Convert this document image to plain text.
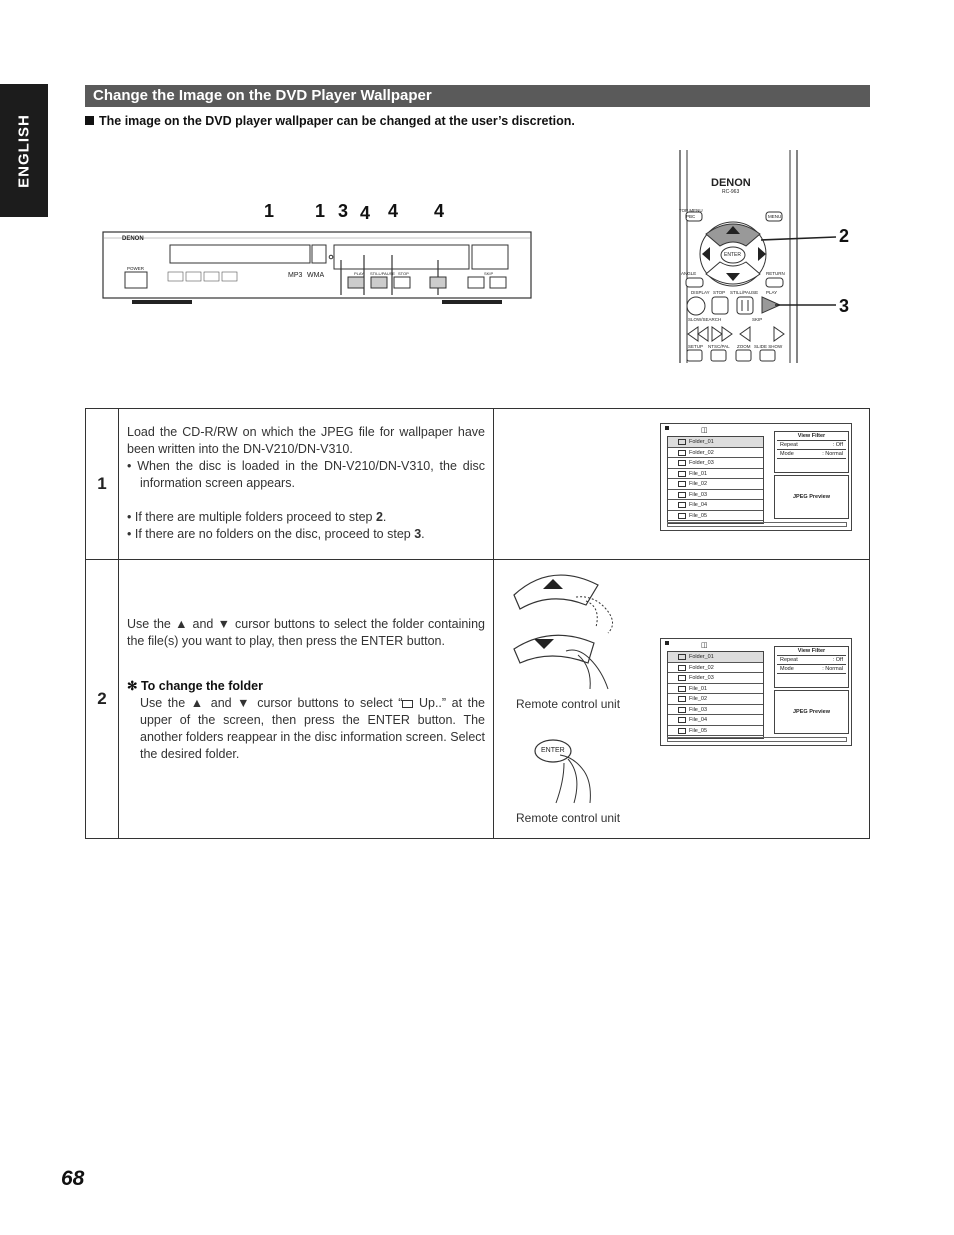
ENGLISH
Change the Image on the DVD Player Wallpaper
The image on the DVD player wallpaper can be changed at the user’s discretion.
1 1 3 4 4 4
DENON
POWER
MP3 WMA	PLAY STILL/PAUSE STOP	SKIP
DENON
RC-963
TOP MENU
PBC	MENU
ENTER
ANGLE	RETURN
DISPLAY STOP STILL/PAUSE PLAY
SLOW/SEARCH	SKIP
SETUP NTSC/PAL ZOOM SLIDE SHOW
2
3
1
Load the CD-R/RW on which the JPEG file for wallpaper have been written into the DN-V210/DN-V310.
• When the disc is loaded in the DN-V210/DN-V310, the disc information screen appears.
• If there are multiple folders proceed to step 2.
• If there are no folders on the disc, proceed to step 3.
◫
Folder_01
Folder_02
Folder_03
File_01
File_02
File_03
File_04
File_05
View Filter
Repeat	: Off
Mode	: Normal
JPEG Preview
2
Use the ▲ and ▼ cursor buttons to select the folder containing the file(s) you want to play, then press the ENTER button.
✻ To change the folder
Use the ▲ and ▼ cursor buttons to select “ Up..” at the upper of the screen, then press the ENTER button. The another folders reappear in the disc information screen. Select the desired folder.
Remote control unit
ENTER
Remote control unit
◫
Folder_01
Folder_02
Folder_03
File_01
File_02
File_03
File_04
File_05
View Filter
Repeat	: Off
Mode	: Normal
JPEG Preview
68
